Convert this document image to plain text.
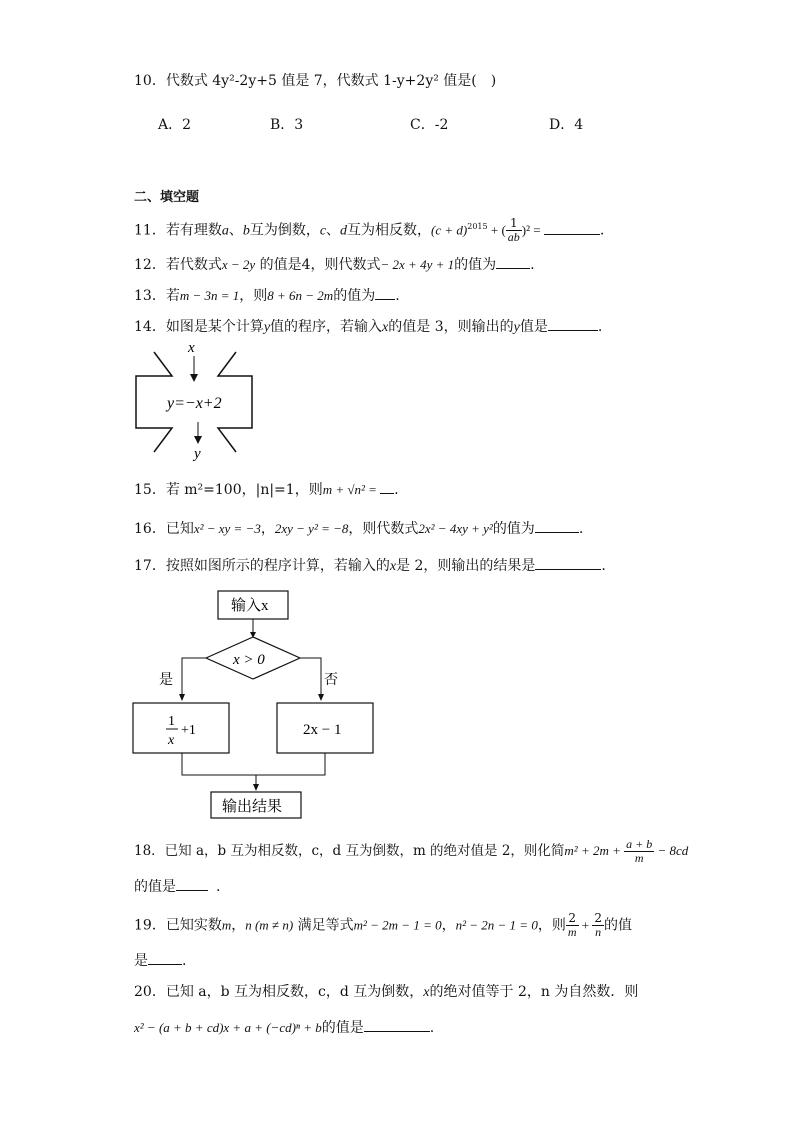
10．代数式 4y²-2y+5 值是 7，代数式 1-y+2y² 值是(　)
A．2	B．3	C．-2	D．4
二、填空题
11．若有理数a、b互为倒数，c、d互为相反数，$(c + d)^{2015}$ + ( $\frac{1}{ab} )^2$ =	.
12．若代数式x − 2y 的值是4，则代数式− 2x + 4y + 1的值为 .
13．若m − 3n = 1，则8 + 6n − 2m的值为 .
14．如图是某个计算y值的程序，若输入x的值是 3，则输出的y值是	.
x
y=−x+2
y
15．若 m²=100，|n|=1，则m + √n² = .
16．已知x² − xy = −3，2xy − y² = −8，则代数式2x² − 4xy + y²的值为	.
17．按照如图所示的程序计算，若输入的x是 2，则输出的结果是	.
输入x
x > 0
是	否
1
x
+1	2x − 1
输出结果
18．已知 a，b 互为相反数，c，d 互为倒数，m 的绝对值是 2，则化简$m^2 + 2m + \frac{a + b}{m} - 8cd$
的值是	.
19．已知实数m，n (m ≠ n) 满足等式m² − 2m − 1 = 0，n² − 2n − 1 = 0，则 $\frac{2}{m} + \frac{2}{n}$ 的值
是 .
20．已知 a，b 互为相反数，c，d 互为倒数，x的绝对值等于 2，n 为自然数．则
x² − (a + b + cd)x + a + (−cd)ⁿ + b的值是	.
